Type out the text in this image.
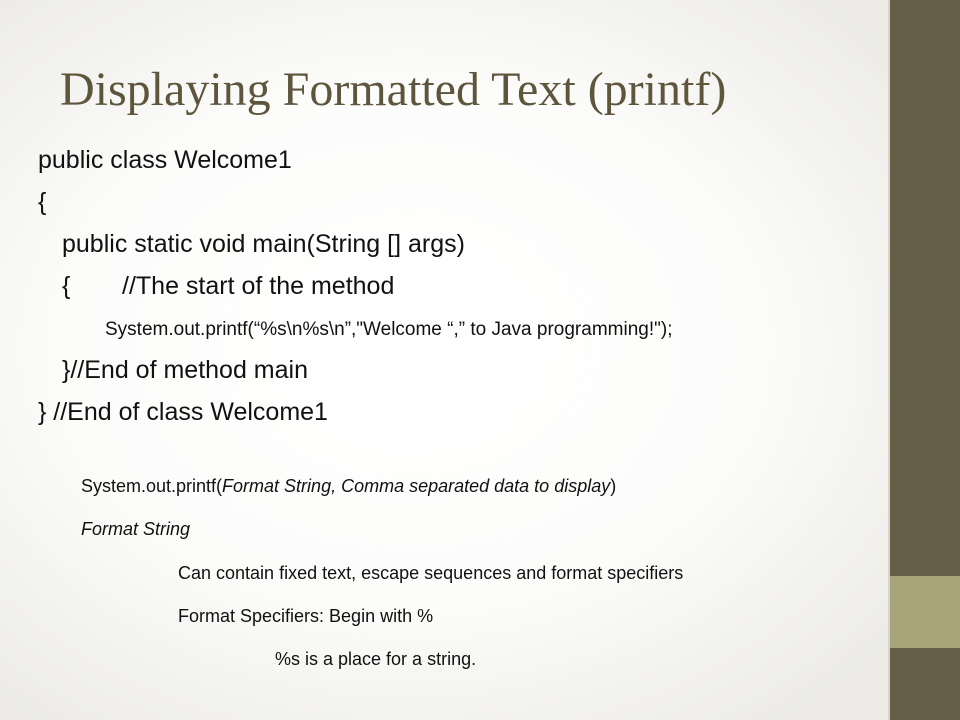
Displaying Formatted Text (printf)

public class Welcome1

{

public static void main(String [] args)

{ //The start of the method

System.out.printf(“%s\n%s\n”,"Welcome “,” to Java programming!");

}//End of method main

} //End of class Welcome1

System.out.printf(Format String, Comma separated data to display)

Format String

Can contain fixed text, escape sequences and format specifiers

Format Specifiers: Begin with %

%s is a place for a string.
